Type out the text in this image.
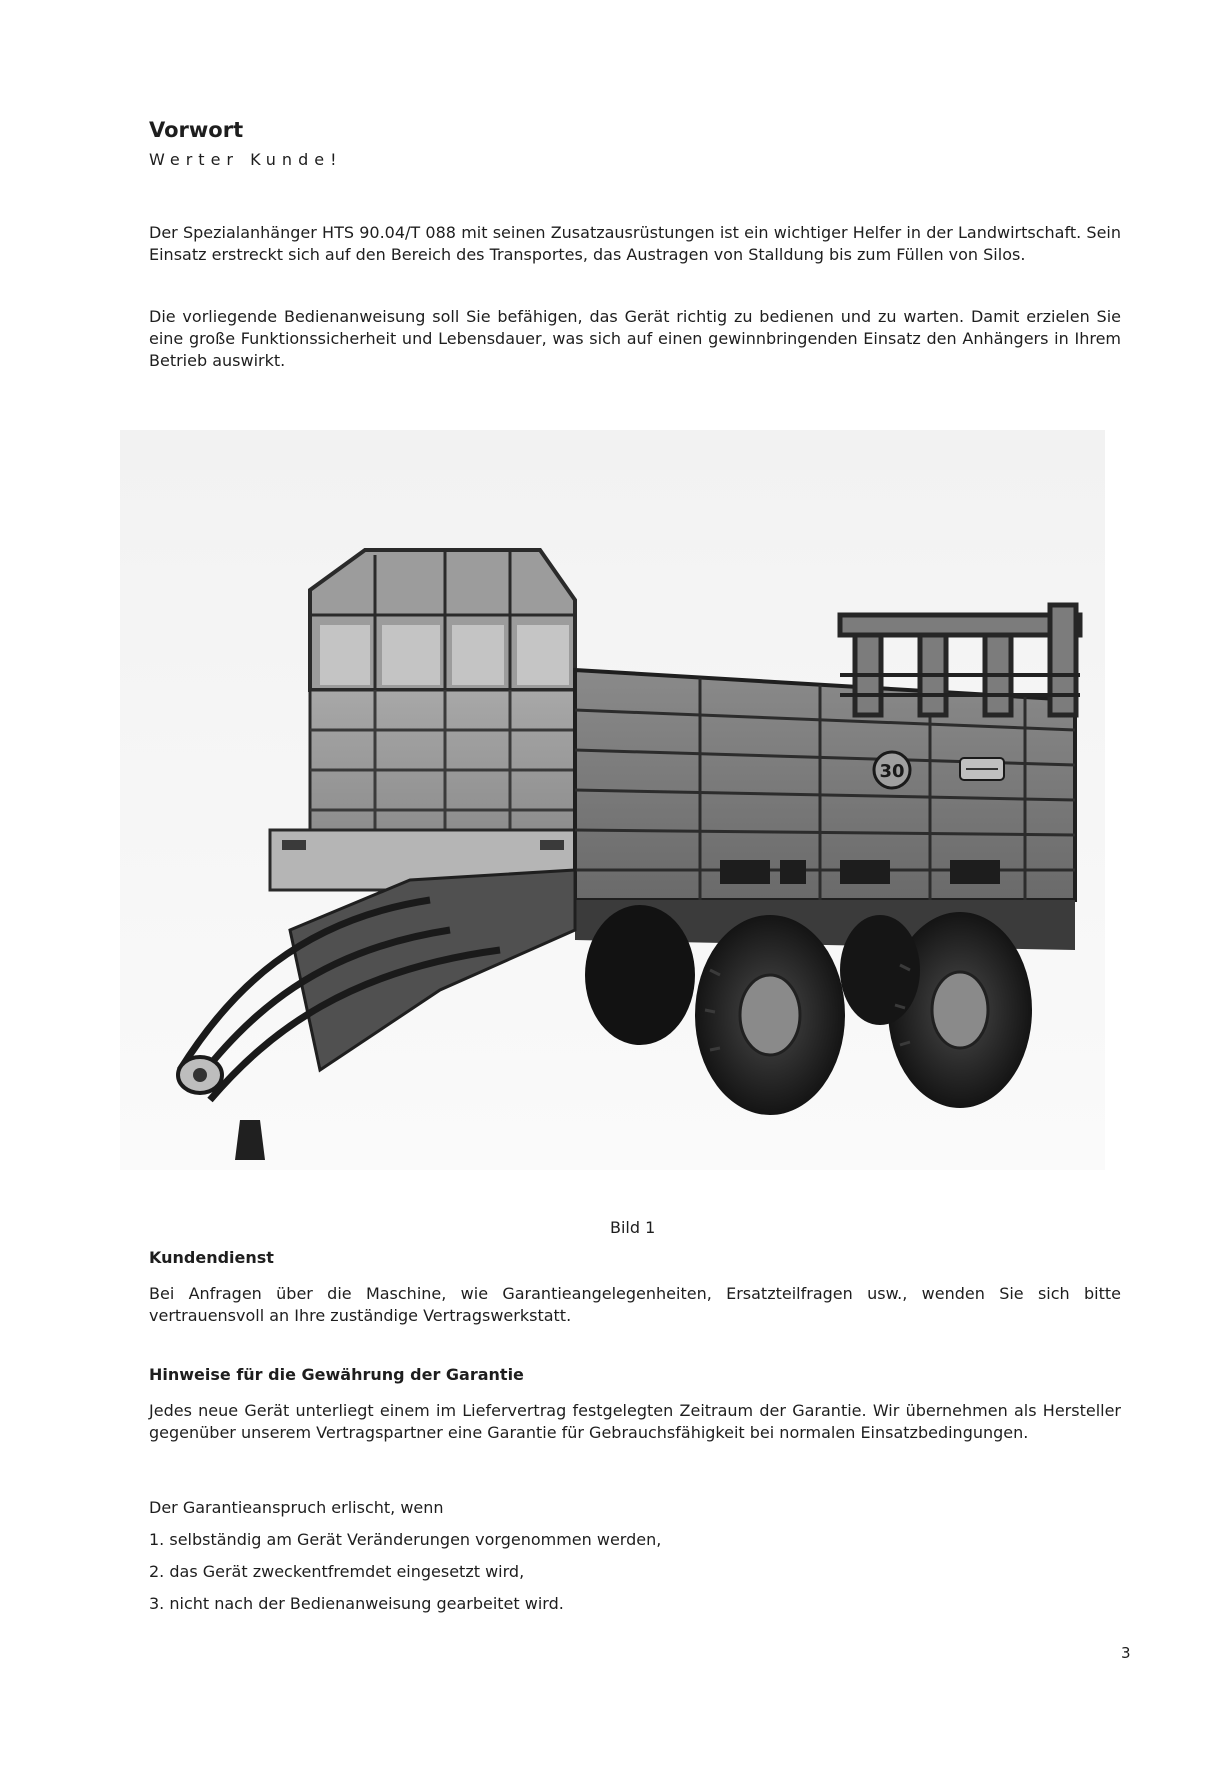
Vorwort
Werter Kunde!

Der Spezialanhänger HTS 90.04/T 088 mit seinen Zusatzausrüstungen ist ein wichtiger Helfer in der Landwirtschaft. Sein Einsatz erstreckt sich auf den Bereich des Transportes, das Austragen von Stalldung bis zum Füllen von Silos.

Die vorliegende Bedienanweisung soll Sie befähigen, das Gerät richtig zu bedienen und zu warten. Damit erzielen Sie eine große Funktionssicherheit und Lebensdauer, was sich auf einen gewinnbringenden Einsatz den Anhängers in Ihrem Betrieb auswirkt.

30
Bild 1
Kundendienst

Bei Anfragen über die Maschine, wie Garantieangelegenheiten, Ersatzteilfragen usw., wenden Sie sich bitte vertrauensvoll an Ihre zuständige Vertragswerkstatt.

Hinweise für die Gewährung der Garantie

Jedes neue Gerät unterliegt einem im Liefervertrag festgelegten Zeitraum der Garantie. Wir übernehmen als Hersteller gegenüber unserem Vertragspartner eine Garantie für Gebrauchsfähigkeit bei normalen Einsatzbedingungen.

Der Garantieanspruch erlischt, wenn
1. selbständig am Gerät Veränderungen vorgenommen werden,
2. das Gerät zweckentfremdet eingesetzt wird,
3. nicht nach der Bedienanweisung gearbeitet wird.
3
